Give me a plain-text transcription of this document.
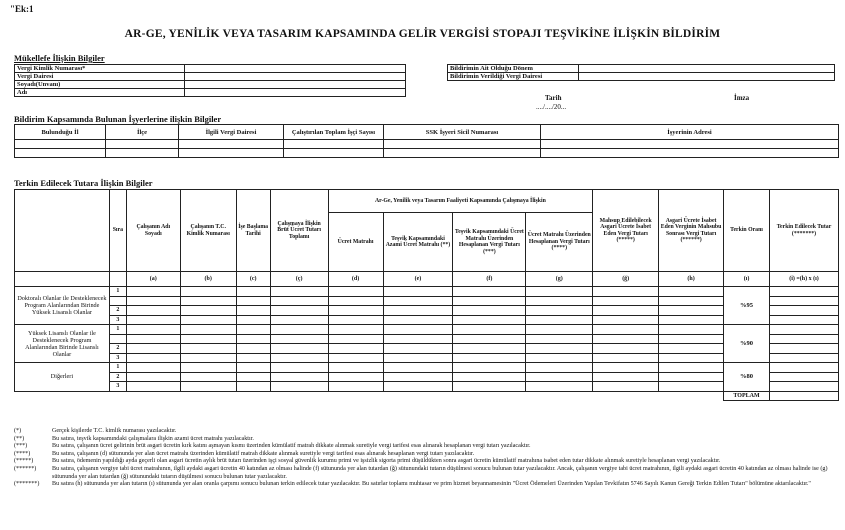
"Ek:1
AR-GE, YENİLİK VEYA TASARIM KAPSAMINDA GELİR VERGİSİ STOPAJI TEŞVİKİNE İLİŞKİN BİLDİRİM
Mükellefe İlişkin Bilgiler
Vergi Kimlik Numarası*	
Vergi Dairesi	
Soyadı(Unvanı)	
Adı	
Bildirimin Ait Olduğu Dönem	
Bildirimin Verildiği Vergi Dairesi	
Tarih
..../..../20...
İmza
Bildirim Kapsamında Bulunan İşyerlerine ilişkin Bilgiler
Bulunduğu İl	İlçe	İlgili Vergi Dairesi	Çalıştırılan Toplam İşçi Sayısı	SSK İşyeri Sicil Numarası	İşyerinin Adresi

Terkin Edilecek Tutara İlişkin Bilgiler
	Sıra	Çalışanın Adı Soyadı	Çalışanın T.C. Kimlik Numarası	İşe Başlama Tarihi	Çalışmaya İlişkin Brüt Ücret Tutarı Toplamı	Ar-Ge, Yenilik veya Tasarım Faaliyeti Kapsamında Çalışmaya İlişkin				Mahsup Edilebilecek Asgari Ücrete İsabet Eden Vergi Tutarı (*****)	Asgari Ücrete İsabet Eden Verginin Mahsubu Sonrası Vergi Tutarı (******)	Terkin Oranı	Terkin Edilecek Tutar (*******)
						Ücret Matrahı	Teşvik Kapsamındaki Azami Ücret Matrahı (**)	Teşvik Kapsamındaki Ücret Matrahı Üzerinden Hesaplanan Vergi Tutarı (***)	Ücret Matrahı Üzerinden Hesaplanan Vergi Tutarı (****)				
		(a)	(b)	(c)	(ç)	(d)	(e)	(f)	(g)	(ğ)	(h)	(ı)	(i) =(h) x (ı)
Doktoralı Olanlar ile Desteklenecek Program Alanlarından Birinde Yüksek Lisanslı Olanlar	1											%95	

	2												
	3												
Yüksek Lisanslı Olanlar ile Desteklenecek Program Alanlarından Birinde Lisanslı Olanlar	1											%90	

	2												
	3												
Diğerleri	1											%80	
	2												
	3												
												TOPLAM	
(*)	Gerçek kişilerde T.C. kimlik numarası yazılacaktır.
(**)	Bu satıra, teşvik kapsamındaki çalışmalara ilişkin azami ücret matrahı yazılacaktır.
(***)	Bu satıra, çalışanın ücret gelirinin brüt asgari ücretin kırk katını aşmayan kısmı üzerinden kümülatif matrah dikkate alınmak suretiyle vergi tarifesi esas alınarak hesaplanan vergi tutarı yazılacaktır.
(****)	Bu satıra, çalışanın (d) sütununda yer alan ücret matrahı üzerinden kümülatif matrah dikkate alınmak suretiyle vergi tarifesi esas alınarak hesaplanan vergi tutarı yazılacaktır.
(*****)	Bu satıra, ödemenin yapıldığı ayda geçerli olan asgari ücretin aylık brüt tutarı üzerinden işçi sosyal güvenlik kurumu primi ve işsizlik sigorta primi düşüldükten sonra asgari ücretin kümülatif matrahına isabet eden tutar dikkate alınmak suretiyle hesaplanan vergi yazılacaktır.
(******)	Bu satıra, çalışanın vergiye tabi ücret matrahının, ilgili aydaki asgari ücretin 40 katından az olması halinde (f) sütununda yer alan tutardan (ğ) sütunundaki tutarın düşülmesi sonucu bulunan tutar yazılacaktır. Ancak, çalışanın vergiye tabi ücret matrahının, ilgili aydaki asgari ücretin 40 katından az olması halinde ise (g) sütununda yer alan tutardan (ğ) sütunundaki tutarın düşülmesi sonucu bulunan tutar yazılacaktır.
(*******)	Bu satıra (h) sütununda yer alan tutarın (ı) sütununda yer alan oranla çarpımı sonucu bulunan terkin edilecek tutar yazılacaktır. Bu satırlar toplamı muhtasar ve prim hizmet beyannamesinin "Ücret Ödemeleri Üzerinden Yapılan Tevkifatın 5746 Sayılı Kanun Gereği Terkin Edilen Tutarı" bölümüne aktarılacaktır."
